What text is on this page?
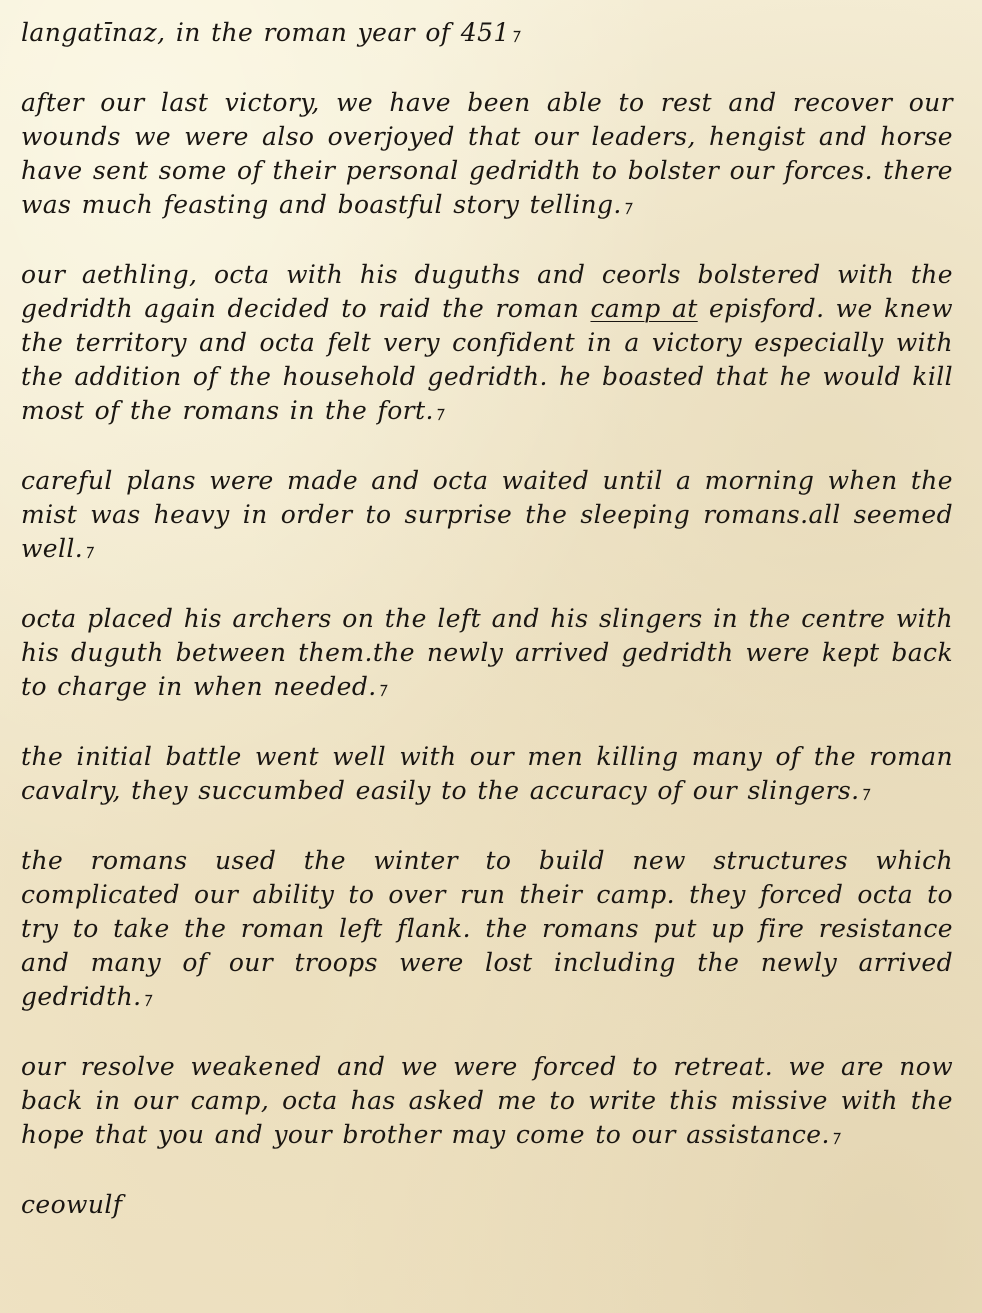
langatīnaz, in the roman year of 451⁊

after our last victory, we have been able to rest and recover our wounds we were also overjoyed that our leaders, hengist and horse have sent some of their personal gedridth to bolster our forces. there was much feasting and boastful story telling.⁊

our aethling, octa with his duguths and ceorls bolstered with the gedridth again decided to raid the roman camp at episford. we knew the territory and octa felt very confident in a victory especially with the addition of the household gedridth. he boasted that he would kill most of the romans in the fort.⁊

careful plans were made and octa waited until a morning when the mist was heavy in order to surprise the sleeping romans.all seemed well.⁊

octa placed his archers on the left and his slingers in the centre with his duguth between them.the newly arrived gedridth were kept back to charge in when needed.⁊

the initial battle went well with our men killing many of the roman cavalry, they succumbed easily to the accuracy of our slingers.⁊

the romans used the winter to build new structures which complicated our ability to over run their camp. they forced octa to try to take the roman left flank. the romans put up fire resistance and many of our troops were lost including the newly arrived gedridth.⁊

our resolve weakened and we were forced to retreat. we are now back in our camp, octa has asked me to write this missive with the hope that you and your brother may come to our assistance.⁊

ceowulf
